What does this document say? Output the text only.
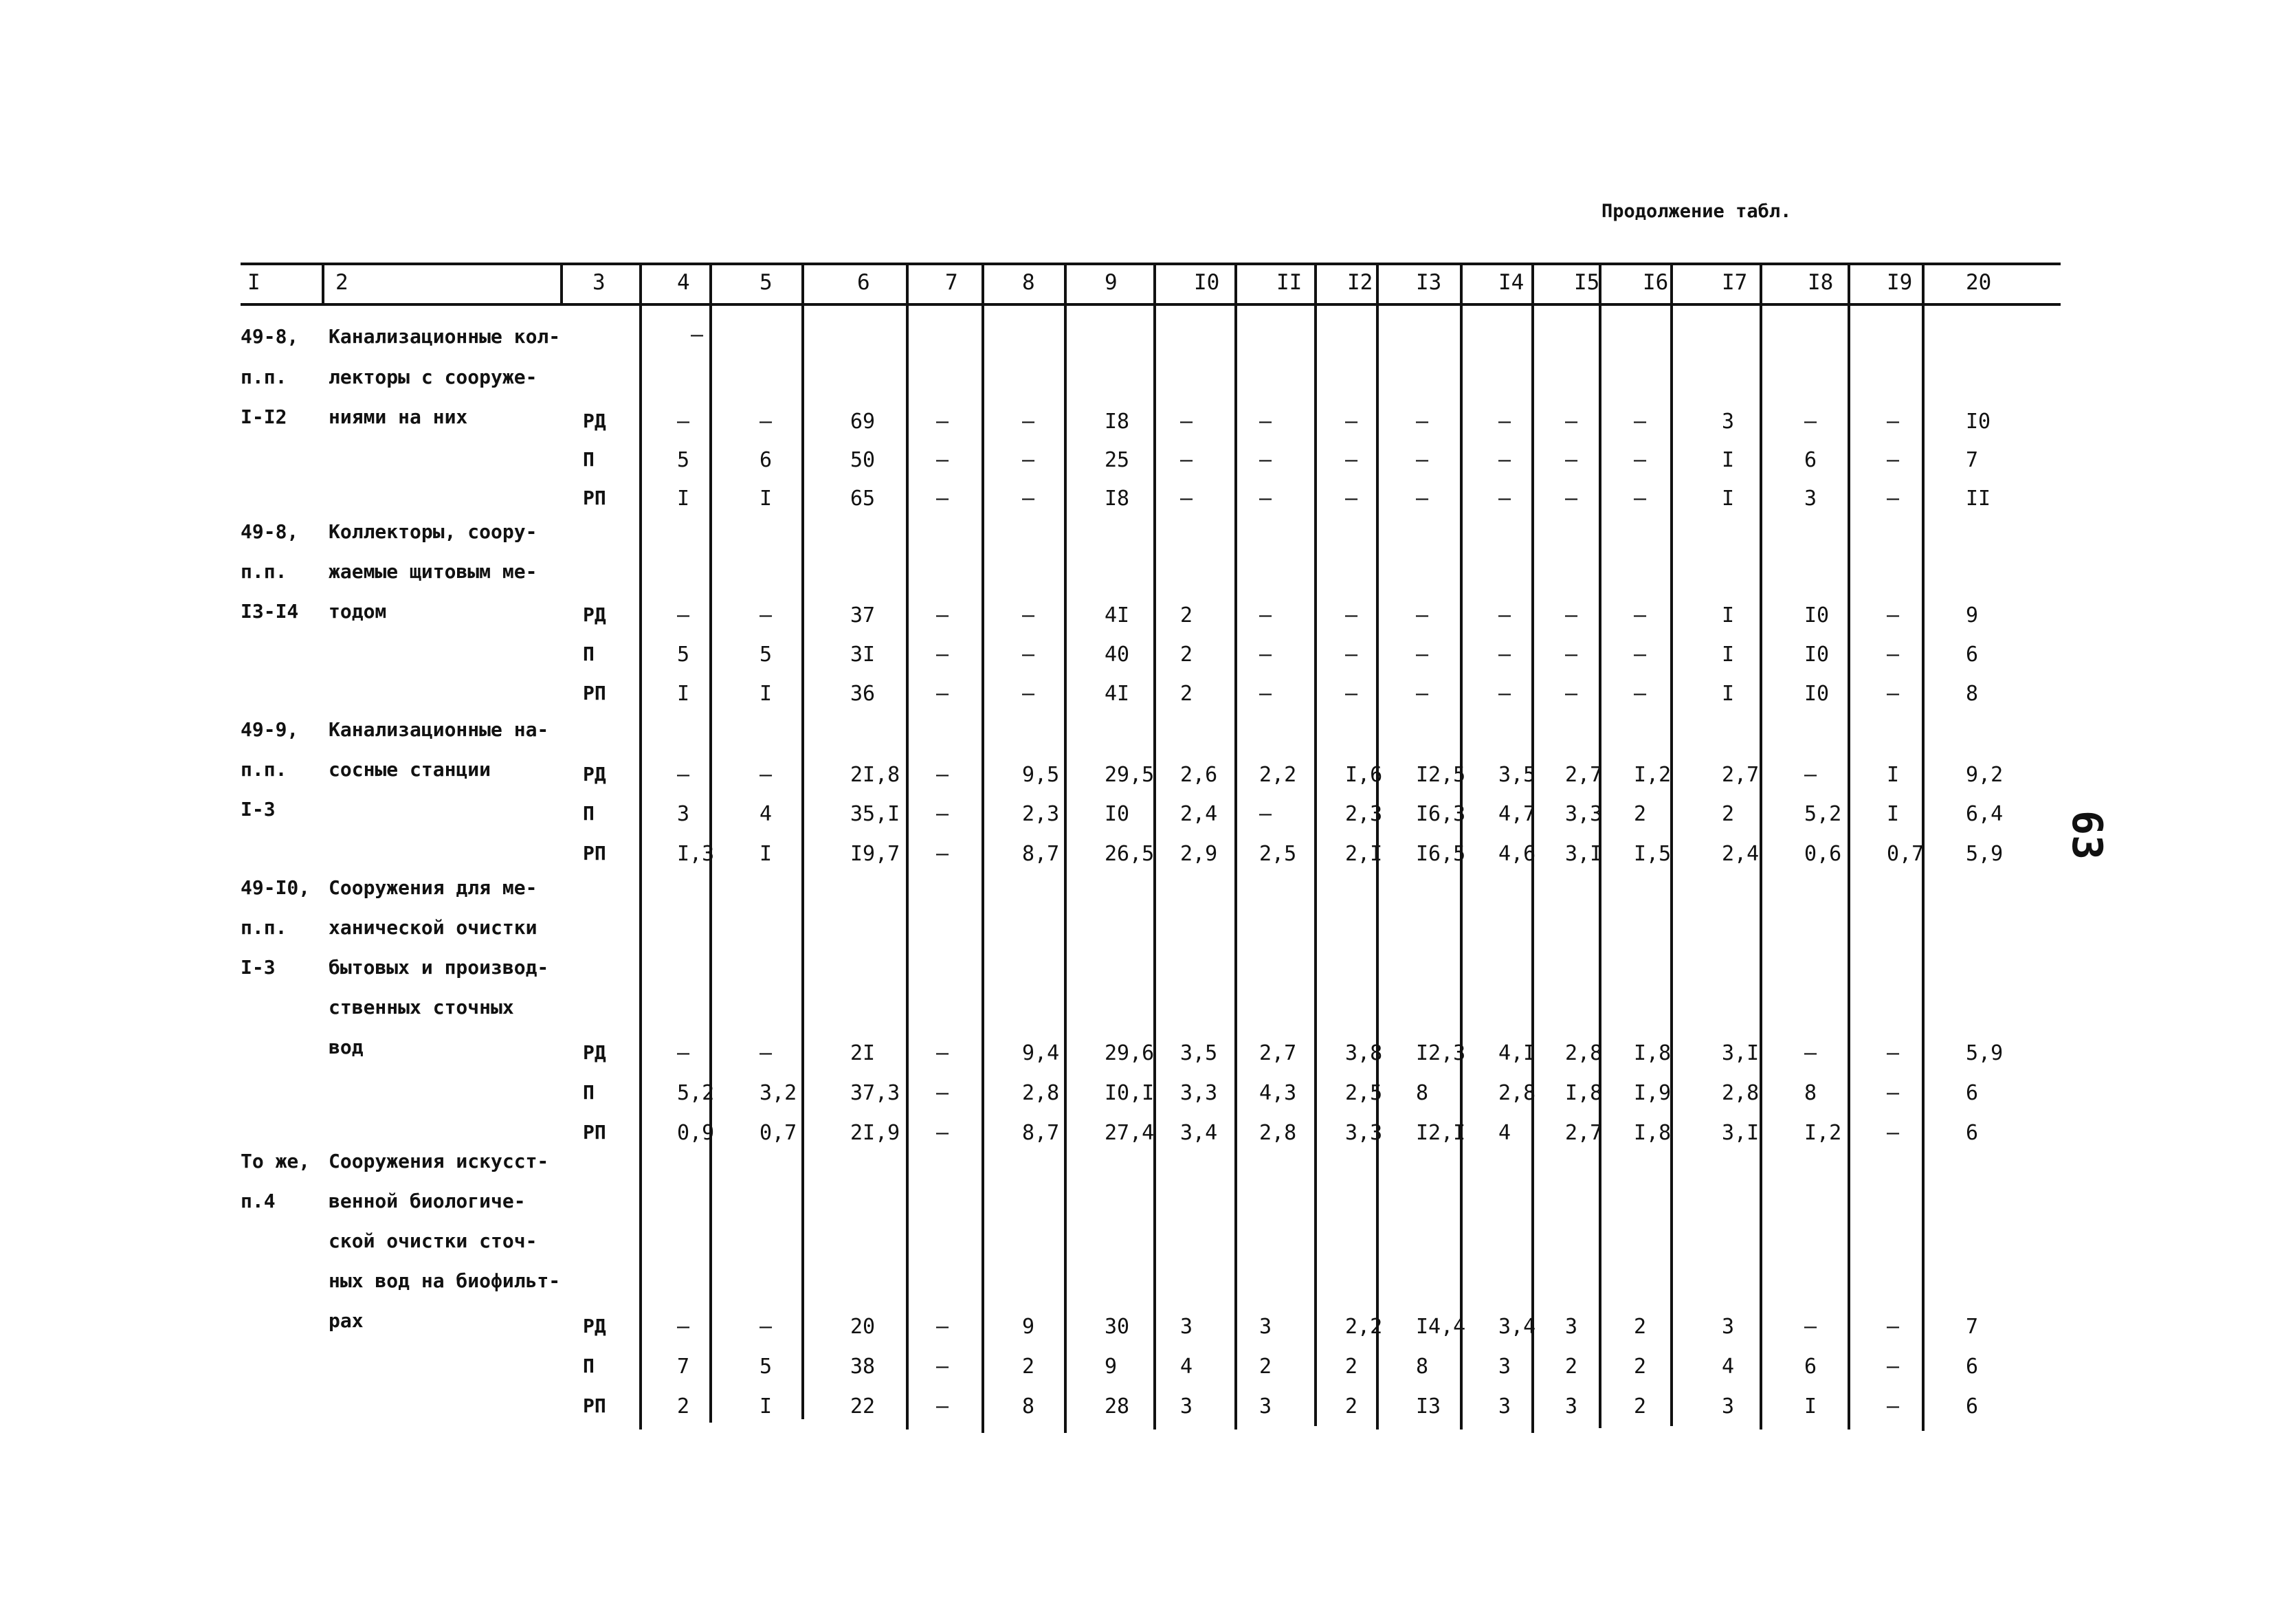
Продолжение табл.
63
I	2	3	4	5	6	7	8	9	I0	II I2 I3	I4 I5 I6	I7	I8	I9	20
–
49-8,
п.п.
I-I2
Канализационные кол-
лекторы с сооруже-
ниями на них	РД	–	–	69	–	–	I8 –	–	–	–	–	–	–	3	–	–	I0
П	5	6	50	–	–	25 –	–	–	–	–	–	–	I	6	–	7
РП	I	I	65	–	–	I8 –	–	–	–	–	–	–	I	3	–	II
49-8,
п.п.
I3-I4
Коллекторы, соору-
жаемые щитовым ме-
тодом	РД	–	–	37	–	–	4I 2	–	–	–	–	–	–	I	I0	–	9
П	5	5	3I	–	–	40 2	–	–	–	–	–	–	I	I0	–	6
РП	I	I	36	–	–	4I 2	–	–	–	–	–	–	I	I0	–	8
49-9,
п.п.
I-3
Канализационные на-
сосные станции	РД	–	–	2I,8 –	9,5 29,5 2,6 2,2 I,6 I2,5 3,5 2,7 I,2 2,7 –	I	9,2
П	3	4	35,I –	2,3 I0 2,4 –	2,3 I6,3 4,7 3,3 2	2	5,2 I	6,4
РП	I,3 I	I9,7 –	8,7 26,5 2,9 2,5 2,I I6,5 4,6 3,I I,5 2,4 0,6 0,7 5,9
49-I0,
п.п.
I-3
Сооружения для ме-
ханической очистки
бытовых и производ-
ственных сточных
вод	РД	–	–	2I	–	9,4 29,6 3,5 2,7 3,8 I2,3 4,I 2,8 I,8 3,I –	–	5,9
П	5,2 3,2	37,3 –	2,8 I0,I 3,3 4,3 2,5 8	2,8 I,8 I,9 2,8 8	–	6
РП	0,9 0,7	2I,9 –	8,7 27,4 3,4 2,8 3,3 I2,I 4	2,7 I,8 3,I I,2 –	6
То же,
п.4
Сооружения искусст-
венной биологиче-
ской очистки сточ-
ных вод на биофильт-
рах	РД	–	–	20	–	9	30 3	3	2,2 I4,4 3,4 3	2	3	–	–	7
П	7	5	38	–	2	9	4	2	2	8	3	2	2	4	6	–	6
РП	2	I	22	–	8	28 3	3	2	I3	3	3	2	3	I	–	6
